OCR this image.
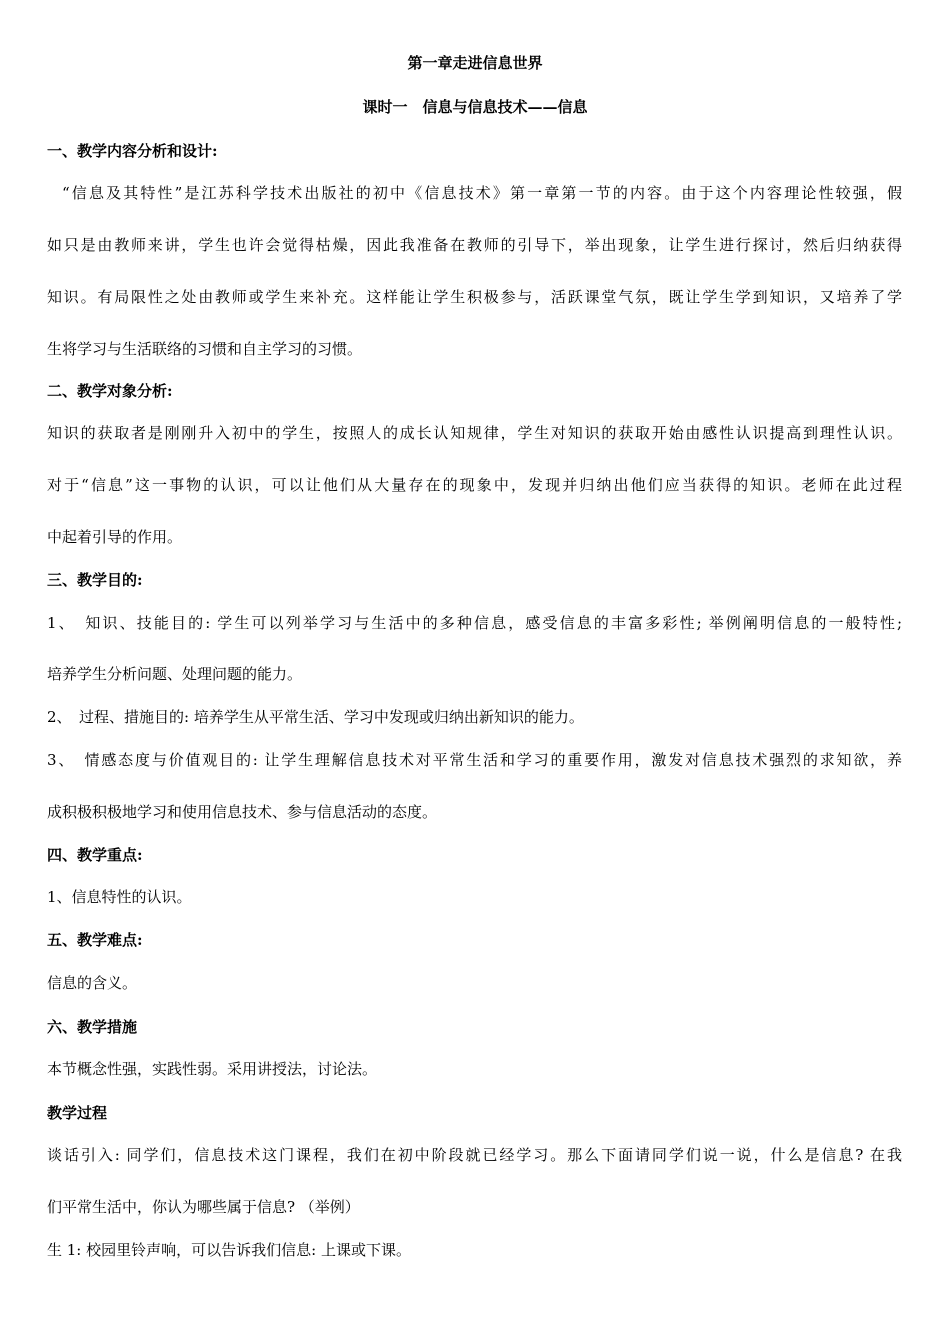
第一章走进信息世界
课时一　信息与信息技术——信息
一、教学内容分析和设计:
“信息及其特性”是江苏科学技术出版社的初中《信息技术》第一章第一节的内容。由于这个内容理论性较强，假
如只是由教师来讲，学生也许会觉得枯燥，因此我准备在教师的引导下，举出现象，让学生进行探讨，然后归纳获得
知识。有局限性之处由教师或学生来补充。这样能让学生积极参与，活跃课堂气氛，既让学生学到知识，又培养了学
生将学习与生活联络的习惯和自主学习的习惯。
二、教学对象分析:
知识的获取者是刚刚升入初中的学生，按照人的成长认知规律，学生对知识的获取开始由感性认识提高到理性认识。
对于“信息”这一事物的认识，可以让他们从大量存在的现象中，发现并归纳出他们应当获得的知识。老师在此过程
中起着引导的作用。
三、教学目的:
1、　知识、技能目的: 学生可以列举学习与生活中的多种信息，感受信息的丰富多彩性; 举例阐明信息的一般特性;
培养学生分析问题、处理问题的能力。
2、　过程、措施目的: 培养学生从平常生活、学习中发现或归纳出新知识的能力。
3、　情感态度与价值观目的: 让学生理解信息技术对平常生活和学习的重要作用，激发对信息技术强烈的求知欲，养
成积极积极地学习和使用信息技术、参与信息活动的态度。
四、教学重点:
1、信息特性的认识。
五、教学难点:
信息的含义。
六、教学措施
本节概念性强，实践性弱。采用讲授法，讨论法。
教学过程
谈话引入: 同学们，信息技术这门课程，我们在初中阶段就已经学习。那么下面请同学们说一说，什么是信息? 在我
们平常生活中，你认为哪些属于信息? （举例）
生 1: 校园里铃声响，可以告诉我们信息: 上课或下课。
